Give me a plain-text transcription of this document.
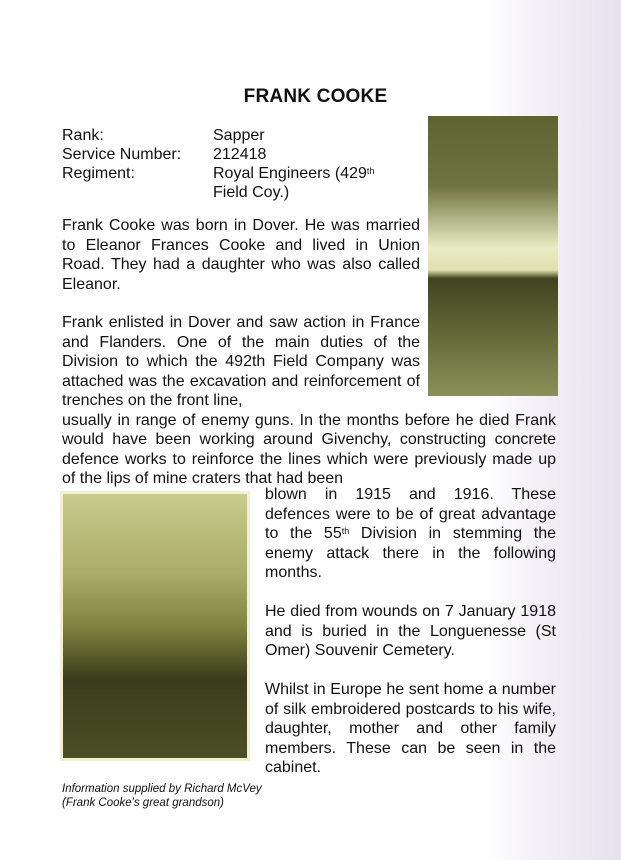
FRANK COOKE
Rank:	Sapper
Service Number:	212418
Regiment:	Royal Engineers (429th
Field Coy.)

Frank Cooke was born in Dover. He was married to Eleanor Frances Cooke and lived in Union Road. They had a daughter who was also called Eleanor.

Frank enlisted in Dover and saw action in France and Flanders. One of the main duties of the Division to which the 492th Field Company was attached was the excavation and reinforcement of trenches on the front line,
usually in range of enemy guns. In the months before he died Frank would have been working around Givenchy, constructing concrete defence works to reinforce the lines which were previously made up of the lips of mine craters that had been

blown in 1915 and 1916. These defences were to be of great advantage to the 55th Division in stemming the enemy attack there in the following months.

He died from wounds on 7 January 1918 and is buried in the Longuenesse (St Omer) Souvenir Cemetery.

Whilst in Europe he sent home a number of silk embroidered postcards to his wife, daughter, mother and other family members. These can be seen in the cabinet.

Information supplied by Richard McVey
(Frank Cooke's great grandson)
